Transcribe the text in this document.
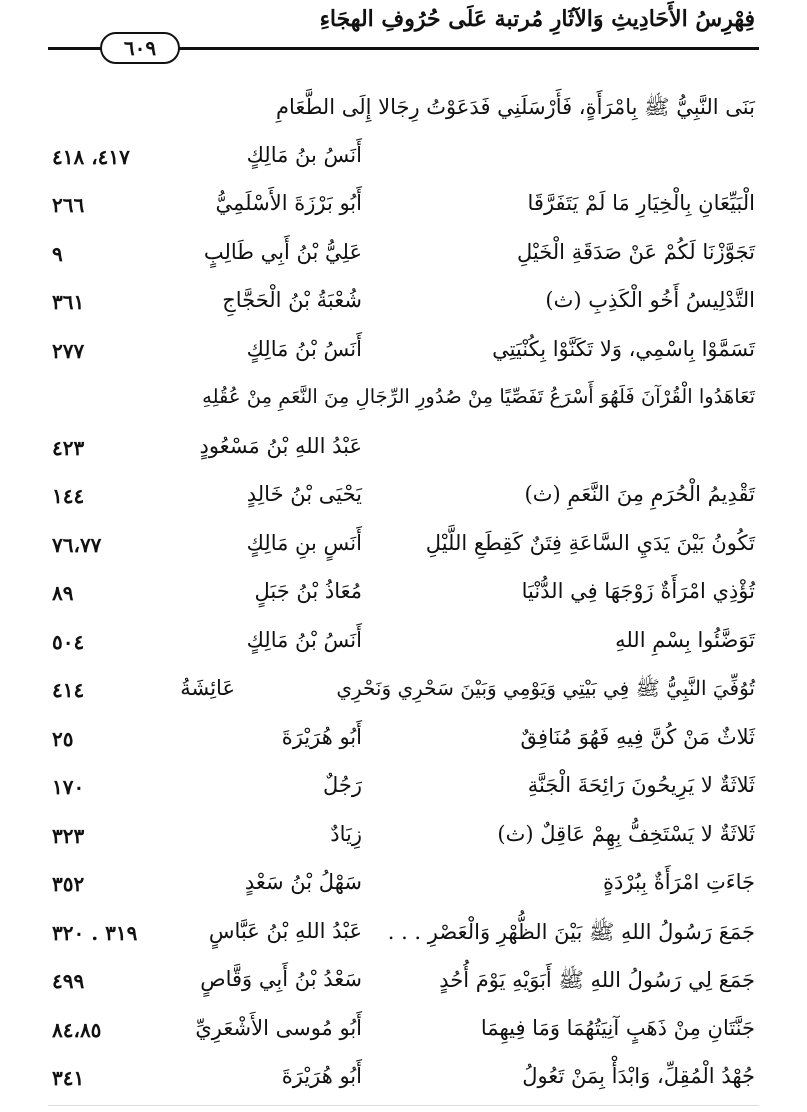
فِهْرِسُ الأَحَادِيثِ وَالآثَارِ مُرتبة عَلَى حُرُوفِ الهجَاءِ
٦٠٩
بَنَى النَّبِيُّ ﷺ بِامْرَأَةٍ، فَأَرْسَلَنِي فَدَعَوْتُ رِجَالا إِلَى الطَّعَامِ
أَنَسُ بنُ مَالِكٍ
٤١٧، ٤١٨
الْبَيِّعَانِ بِالْخِيَارِ مَا لَمْ يَتَفَرَّقَا
أَبُو بَرْزَةَ الأَسْلَمِيُّ
٢٦٦
تَجَوَّزْنَا لَكُمْ عَنْ صَدَقَةِ الْخَيْلِ
عَلِيُّ بْنُ أَبِي طَالِبٍ
٩
التَّدْلِيسُ أَخُو الْكَذِبِ (ث)
شُعْبَةُ بْنُ الْحَجَّاجِ
٣٦١
تَسَمَّوْا بِاسْمِي، وَلا تَكَنَّوْا بِكُنْيَتِي
أَنَسُ بْنُ مَالِكٍ
٢٧٧
تَعَاهَدُوا الْقُرْآنَ فَلَهُوَ أَسْرَعُ تَفَصِّيًا مِنْ صُدُورِ الرِّجَالِ مِنَ النَّعَمِ مِنْ عُقُلِهِ
عَبْدُ اللهِ بْنُ مَسْعُودٍ
٤٢٣
تَقْدِيمُ الْحُرَمِ مِنَ النَّعَمِ (ث)
يَحْيَى بْنُ خَالِدٍ
١٤٤
تَكُونُ بَيْنَ يَدَيِ السَّاعَةِ فِتَنٌ كَقِطَعِ اللَّيْلِ
أَنَسٍ بنِ مَالِكٍ
٧٦،٧٧
تُؤْذِي امْرَأَةٌ زَوْجَهَا فِي الدُّنْيَا
مُعَاذُ بْنُ جَبَلٍ
٨٩
تَوَضَّئُوا بِسْمِ اللهِ
أَنَسُ بْنُ مَالِكٍ
٥٠٤
تُوُفِّيَ النَّبِيُّ ﷺ فِي بَيْتِي وَيَوْمِي وَبَيْنَ سَحْرِي وَنَحْرِي
عَائِشَةُ
٤١٤
ثَلاثٌ مَنْ كُنَّ فِيهِ فَهُوَ مُنَافِقٌ
أَبُو هُرَيْرَةَ
٢٥
ثَلاثَةٌ لا يَرِيحُونَ رَائِحَةَ الْجَنَّةِ
رَجُلٌ
١٧٠
ثَلاثَةٌ لا يَسْتَخِفُّ بِهِمْ عَاقِلٌ (ث)
زِيَادٌ
٣٢٣
جَاءَتِ امْرَأَةٌ بِبُرْدَةٍ
سَهْلُ بْنُ سَعْدٍ
٣٥٢
جَمَعَ رَسُولُ اللهِ ﷺ بَيْنَ الظُّهْرِ وَالْعَصْرِ . . .
عَبْدُ اللهِ بْنُ عَبَّاسٍ
٣١٩ . ٣٢٠
جَمَعَ لِي رَسُولُ اللهِ ﷺ أَبَوَيْهِ يَوْمَ أُحُدٍ
سَعْدُ بْنُ أَبِي وَقَّاصٍ
٤٩٩
جَنَّتَانِ مِنْ ذَهَبٍ آنِيَتُهُمَا وَمَا فِيهِمَا
أَبُو مُوسى الأَشْعَرِيِّ
٨٤،٨٥
جُهْدُ الْمُقِلِّ، وَابْدَأْ بِمَنْ تَعُولُ
أَبُو هُرَيْرَةَ
٣٤١
